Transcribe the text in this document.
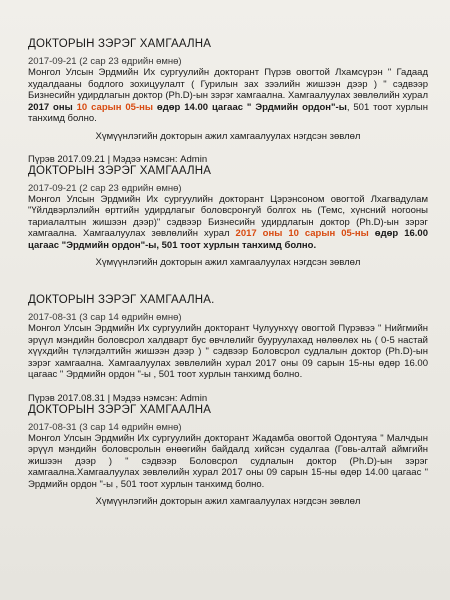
ДОКТОРЫН ЗЭРЭГ ХАМГААЛНА
2017-09-21 (2 сар 23 өдрийн өмнө)

Монгол Улсын Эрдмийн Их сургуулийн докторант Пүрэв овогтой Лхамсүрэн " Гадаад худалдааны бодлого зохицуулалт ( Гурилын зах зээлийн жишээн дээр ) " сэдвээр Бизнесийн удирдлагын доктор (Ph.D)-ын зэрэг хамгаална. Хамгаалуулах зөвлөлийн хурал 2017 оны 10 сарын 05-ны өдөр 14.00 цагаас " Эрдмийн ордон"-ы, 501 тоот хурлын танхимд болно.

Хүмүүнлэгийн докторын ажил хамгаалуулах нэгдсэн зөвлөл
Пүрэв 2017.09.21 | Мэдээ нэмсэн: Admin
ДОКТОРЫН ЗЭРЭГ ХАМГААЛНА
2017-09-21 (2 сар 23 өдрийн өмнө)

Монгол Улсын Эрдмийн Их сургуулийн докторант Цэрэнсоном овогтой Лхагвадулам "Үйлдвэрлэлийн өртгийн удирдлагыг боловсронгуй болгох нь (Темс, хүнсний ногооны тариалалтын жишээн дээр)" сэдвээр Бизнесийн удирдлагын доктор (Ph.D)-ын зэрэг хамгаална. Хамгаалуулах зөвлөлийн хурал 2017 оны 10 сарын 05-ны өдөр 16.00 цагаас "Эрдмийн ордон"-ы, 501 тоот хурлын танхимд болно.

Хүмүүнлэгийн докторын ажил хамгаалуулах нэгдсэн зөвлөл
ДОКТОРЫН ЗЭРЭГ ХАМГААЛНА.
2017-08-31 (3 сар 14 өдрийн өмнө)

Монгол Улсын Эрдмийн Их сургуулийн докторант Чулуунхүү овогтой Пүрэвээ " Нийгмийн эрүүл мэндийн боловсрол халдварт бус өвчлөлийг бууруулахад нөлөөлөх нь ( 0-5 настай хүүхдийн түлэгдэлтийн жишээн дээр ) " сэдвээр Боловсрол судлалын доктор (Ph.D)-ын зэрэг хамгаална. Хамгаалуулах зөвлөлийн хурал 2017 оны 09 сарын 15-ны өдөр 16.00 цагаас " Эрдмийн ордон "-ы , 501 тоот хурлын танхимд болно.

Пүрэв 2017.08.31 | Мэдээ нэмсэн: Admin
ДОКТОРЫН ЗЭРЭГ ХАМГААЛНА
2017-08-31 (3 сар 14 өдрийн өмнө)

Монгол Улсын Эрдмийн Их сургуулийн докторант Жадамба овогтой Одонтуяа " Малчдын эрүүл мэндийн боловсролын өнөөгийн байдалд хийсэн судалгаа (Говь-алтай аймгийн жишээн дээр ) " сэдвээр Боловсрол судлалын доктор (Ph.D)-ын зэрэг хамгаална.Хамгаалуулах зөвлөлийн хурал 2017 оны 09 сарын 15-ны өдөр 14.00 цагаас " Эрдмийн ордон "-ы , 501 тоот хурлын танхимд болно.

Хүмүүнлэгийн докторын ажил хамгаалуулах нэгдсэн зөвлөл
